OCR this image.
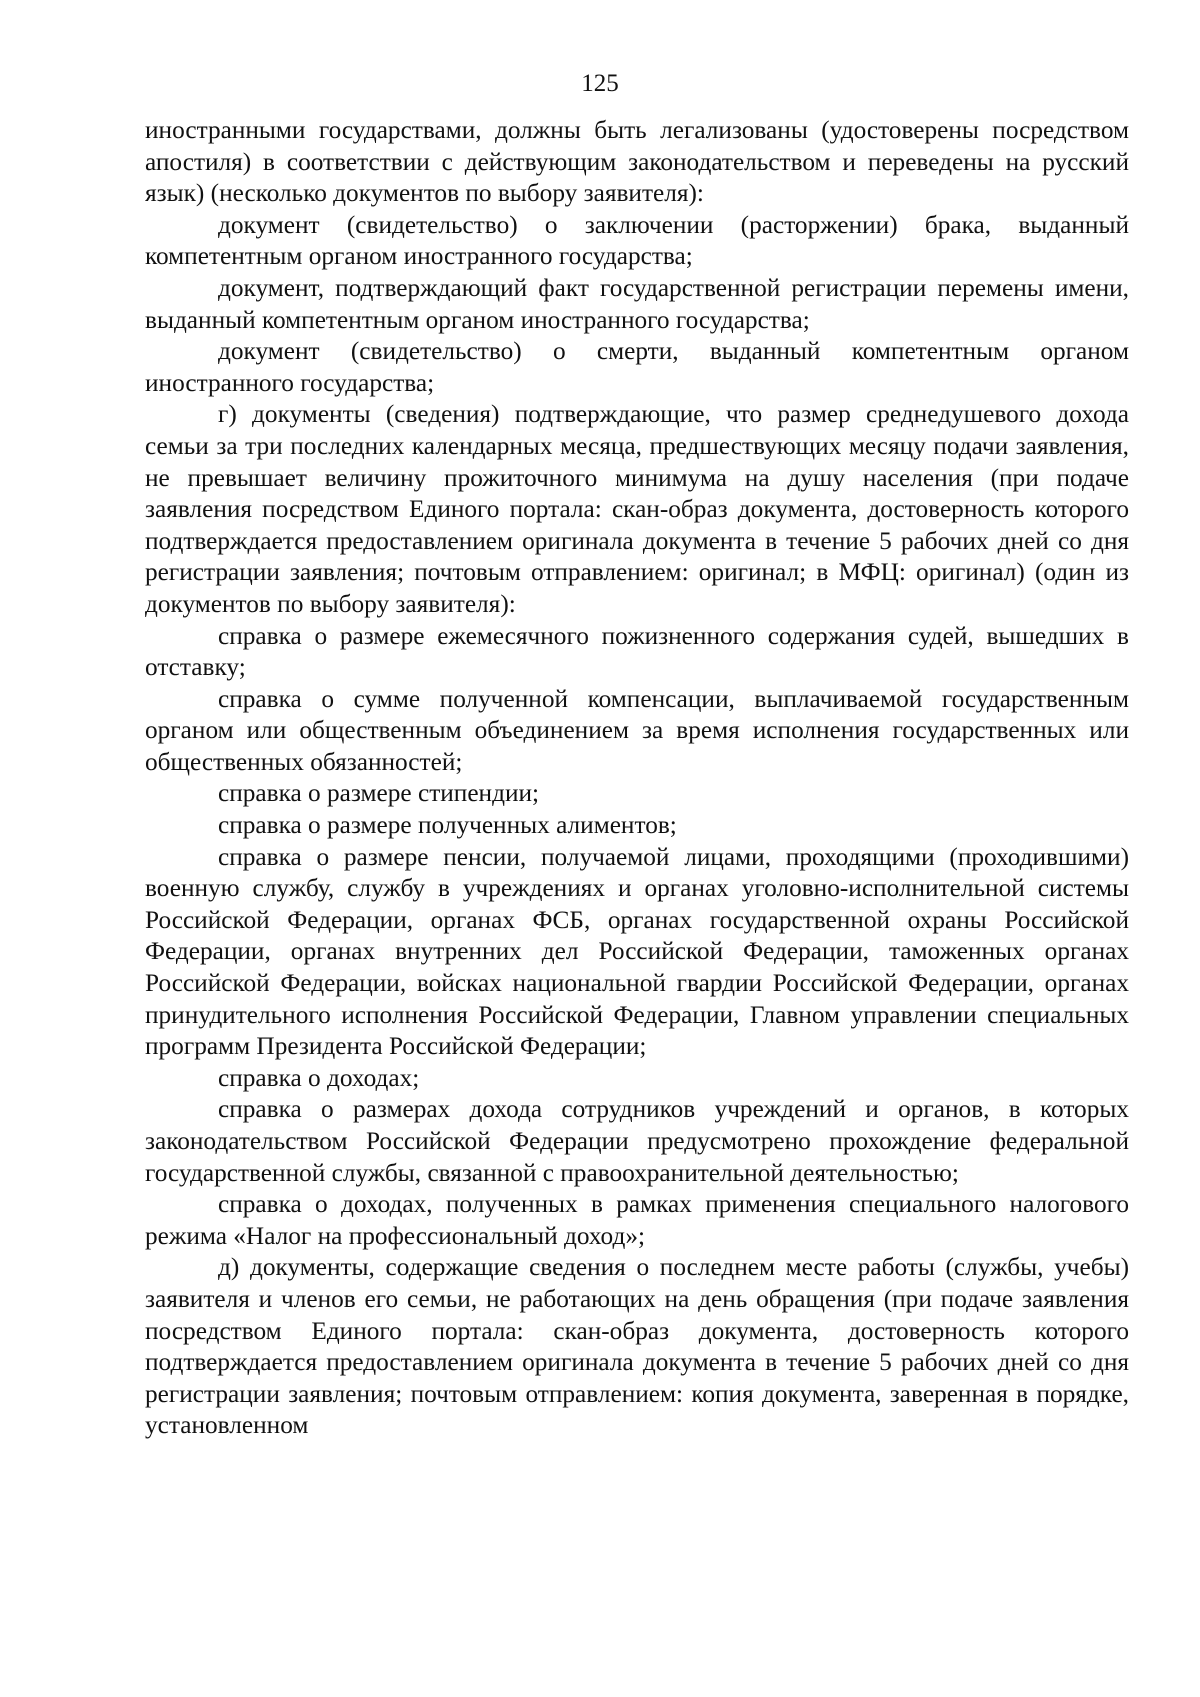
125

иностранными государствами, должны быть легализованы (удостоверены посредством апостиля) в соответствии с действующим законодательством и переведены на русский язык) (несколько документов по выбору заявителя):

документ (свидетельство) о заключении (расторжении) брака, выданный компетентным органом иностранного государства;

документ, подтверждающий факт государственной регистрации перемены имени, выданный компетентным органом иностранного государства;

документ (свидетельство) о смерти, выданный компетентным органом иностранного государства;

г) документы (сведения) подтверждающие, что размер среднедушевого дохода семьи за три последних календарных месяца, предшествующих месяцу подачи заявления, не превышает величину прожиточного минимума на душу населения (при подаче заявления посредством Единого портала: скан-образ документа, достоверность которого подтверждается предоставлением оригинала документа в течение 5 рабочих дней со дня регистрации заявления; почтовым отправлением: оригинал; в МФЦ: оригинал) (один из документов по выбору заявителя):

справка о размере ежемесячного пожизненного содержания судей, вышедших в отставку;

справка о сумме полученной компенсации, выплачиваемой государственным органом или общественным объединением за время исполнения государственных или общественных обязанностей;

справка о размере стипендии;

справка о размере полученных алиментов;

справка о размере пенсии, получаемой лицами, проходящими (проходившими) военную службу, службу в учреждениях и органах уголовно-исполнительной системы Российской Федерации, органах ФСБ, органах государственной охраны Российской Федерации, органах внутренних дел Российской Федерации, таможенных органах Российской Федерации, войсках национальной гвардии Российской Федерации, органах принудительного исполнения Российской Федерации, Главном управлении специальных программ Президента Российской Федерации;

справка о доходах;

справка о размерах дохода сотрудников учреждений и органов, в которых законодательством Российской Федерации предусмотрено прохождение федеральной государственной службы, связанной с правоохранительной деятельностью;

справка о доходах, полученных в рамках применения специального налогового режима «Налог на профессиональный доход»;

д) документы, содержащие сведения о последнем месте работы (службы, учебы) заявителя и членов его семьи, не работающих на день обращения (при подаче заявления посредством Единого портала: скан-образ документа, достоверность которого подтверждается предоставлением оригинала документа в течение 5 рабочих дней со дня регистрации заявления; почтовым отправлением: копия документа, заверенная в порядке, установленном
